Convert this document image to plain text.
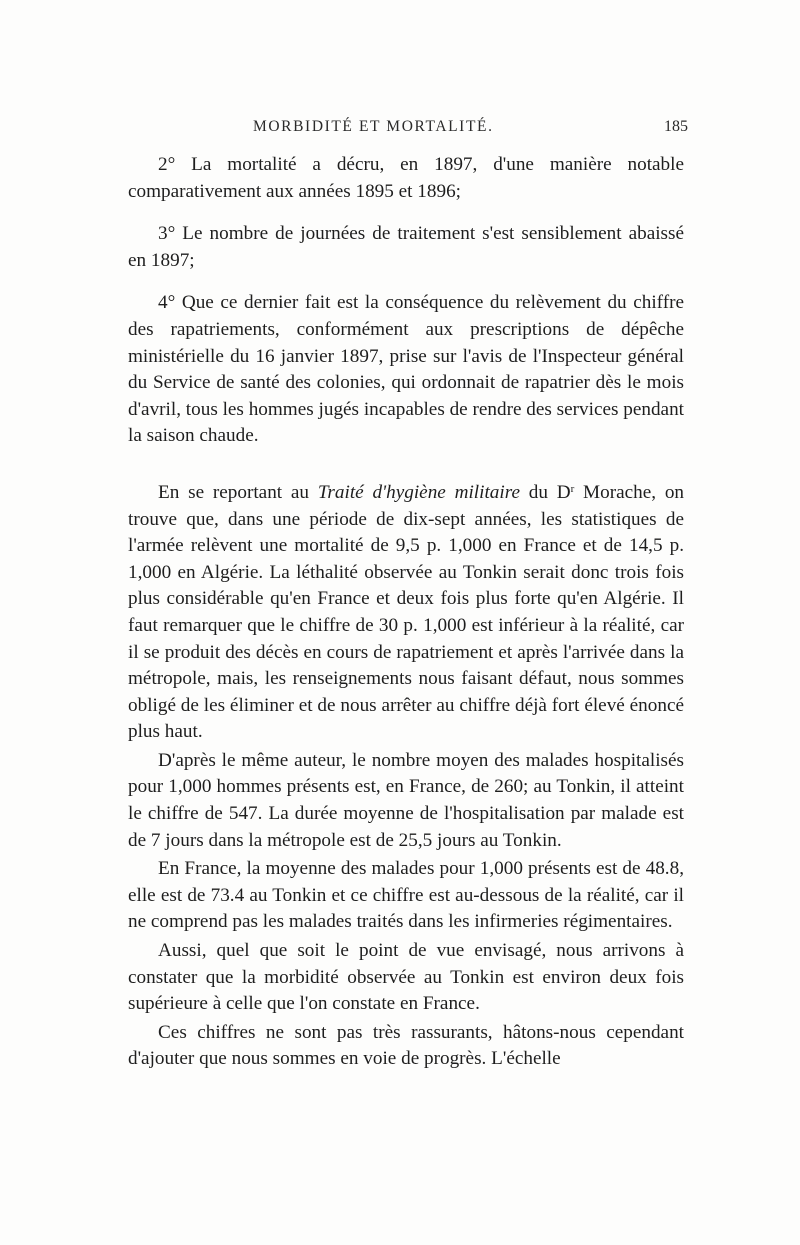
MORBIDITÉ ET MORTALITÉ.	185

2° La mortalité a décru, en 1897, d'une manière notable comparativement aux années 1895 et 1896;

3° Le nombre de journées de traitement s'est sensiblement abaissé en 1897;

4° Que ce dernier fait est la conséquence du relèvement du chiffre des rapatriements, conformément aux prescriptions de dépêche ministérielle du 16 janvier 1897, prise sur l'avis de l'Inspecteur général du Service de santé des colonies, qui ordonnait de rapatrier dès le mois d'avril, tous les hommes jugés incapables de rendre des services pendant la saison chaude.

En se reportant au Traité d'hygiène militaire du $D^r$ Morache, on trouve que, dans une période de dix-sept années, les statistiques de l'armée relèvent une mortalité de 9,5 p. 1,000 en France et de 14,5 p. 1,000 en Algérie. La léthalité observée au Tonkin serait donc trois fois plus considérable qu'en France et deux fois plus forte qu'en Algérie. Il faut remarquer que le chiffre de 30 p. 1,000 est inférieur à la réalité, car il se produit des décès en cours de rapatriement et après l'arrivée dans la métropole, mais, les renseignements nous faisant défaut, nous sommes obligé de les éliminer et de nous arrêter au chiffre déjà fort élevé énoncé plus haut.

D'après le même auteur, le nombre moyen des malades hospitalisés pour 1,000 hommes présents est, en France, de 260; au Tonkin, il atteint le chiffre de 547. La durée moyenne de l'hospitalisation par malade est de 7 jours dans la métropole est de 25,5 jours au Tonkin.

En France, la moyenne des malades pour 1,000 présents est de 48.8, elle est de 73.4 au Tonkin et ce chiffre est au-dessous de la réalité, car il ne comprend pas les malades traités dans les infirmeries régimentaires.

Aussi, quel que soit le point de vue envisagé, nous arrivons à constater que la morbidité observée au Tonkin est environ deux fois supérieure à celle que l'on constate en France.

Ces chiffres ne sont pas très rassurants, hâtons-nous cependant d'ajouter que nous sommes en voie de progrès. L'échelle
